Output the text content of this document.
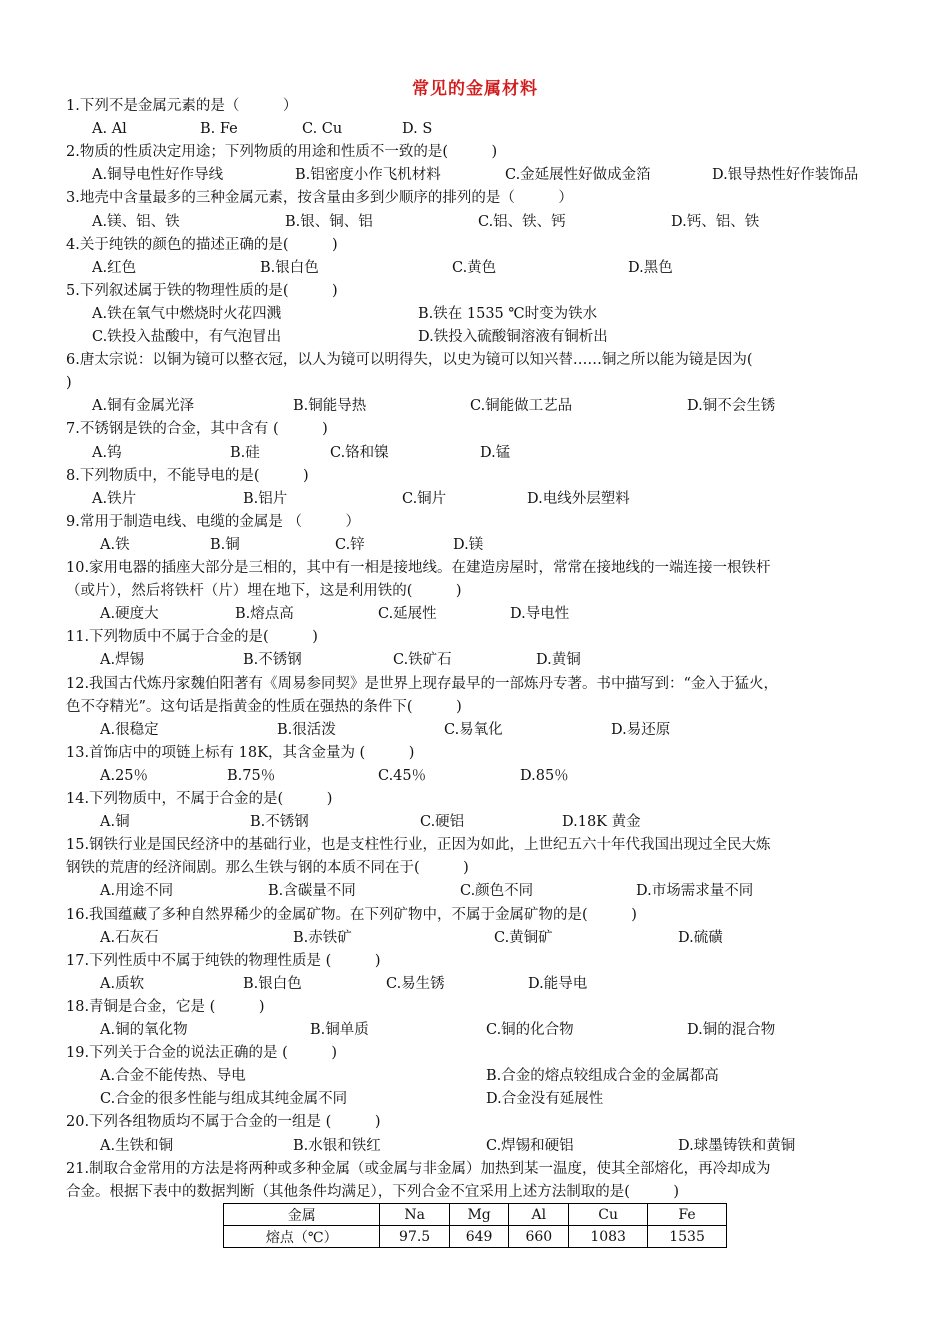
常见的金属材料
1.下列不是金属元素的是（　　　）
A. Al	B. Fe	C. Cu	D. S
2.物质的性质决定用途；下列物质的用途和性质不一致的是(　　　)
A.铜导电性好作导线	B.铝密度小作飞机材料	C.金延展性好做成金箔	D.银导热性好作装饰品
3.地壳中含量最多的三种金属元素，按含量由多到少顺序的排列的是（　　　）
A.镁、铝、铁	B.银、铜、铝	C.铝、铁、钙	D.钙、铝、铁
4.关于纯铁的颜色的描述正确的是(　　　)
A.红色	B.银白色	C.黄色	D.黑色
5.下列叙述属于铁的物理性质的是(　　　)
A.铁在氧气中燃烧时火花四溅	B.铁在 1535 ℃时变为铁水
C.铁投入盐酸中，有气泡冒出	D.铁投入硫酸铜溶液有铜析出
6.唐太宗说：以铜为镜可以整衣冠，以人为镜可以明得失，以史为镜可以知兴替……铜之所以能为镜是因为(
)
A.铜有金属光泽	B.铜能导热	C.铜能做工艺品	D.铜不会生锈
7.不锈钢是铁的合金，其中含有 (　　　)
A.钨	B.硅	C.铬和镍	D.锰
8.下列物质中，不能导电的是(　　　)
A.铁片	B.铝片	C.铜片	D.电线外层塑料
9.常用于制造电线、电缆的金属是 （　　　）
A.铁	B.铜	C.锌	D.镁
10.家用电器的插座大部分是三相的，其中有一相是接地线。在建造房屋时，常常在接地线的一端连接一根铁杆
（或片），然后将铁杆（片）埋在地下，这是利用铁的(　　　)
A.硬度大	B.熔点高	C.延展性	D.导电性
11.下列物质中不属于合金的是(　　　)
A.焊锡	B.不锈钢	C.铁矿石	D.黄铜
12.我国古代炼丹家魏伯阳著有《周易参同契》是世界上现存最早的一部炼丹专著。书中描写到：“金入于猛火，
色不夺精光”。这句话是指黄金的性质在强热的条件下(　　　)
A.很稳定	B.很活泼	C.易氧化	D.易还原
13.首饰店中的项链上标有 18K，其含金量为 (　　　)
A.25％	B.75％	C.45％	D.85％
14.下列物质中，不属于合金的是(　　　)
A.铜	B.不锈钢	C.硬铝	D.18K 黄金
15.钢铁行业是国民经济中的基础行业，也是支柱性行业，正因为如此，上世纪五六十年代我国出现过全民大炼
钢铁的荒唐的经济闹剧。那么生铁与钢的本质不同在于(　　　)
A.用途不同	B.含碳量不同	C.颜色不同	D.市场需求量不同
16.我国蕴藏了多种自然界稀少的金属矿物。在下列矿物中，不属于金属矿物的是(　　　)
A.石灰石	B.赤铁矿	C.黄铜矿	D.硫磺
17.下列性质中不属于纯铁的物理性质是 (　　　)
A.质软	B.银白色	C.易生锈	D.能导电
18.青铜是合金，它是 (　　　)
A.铜的氧化物	B.铜单质	C.铜的化合物	D.铜的混合物
19.下列关于合金的说法正确的是 (　　　)
A.合金不能传热、导电	B.合金的熔点较组成合金的金属都高
C.合金的很多性能与组成其纯金属不同	D.合金没有延展性
20.下列各组物质均不属于合金的一组是 (　　　)
A.生铁和铜	B.水银和铁红	C.焊锡和硬铝	D.球墨铸铁和黄铜
21.制取合金常用的方法是将两种或多种金属（或金属与非金属）加热到某一温度，使其全部熔化，再冷却成为
合金。根据下表中的数据判断（其他条件均满足），下列合金不宜采用上述方法制取的是(　　　)
金属	Na	Mg	Al	Cu	Fe
熔点（℃）	97.5	649	660	1083	1535
